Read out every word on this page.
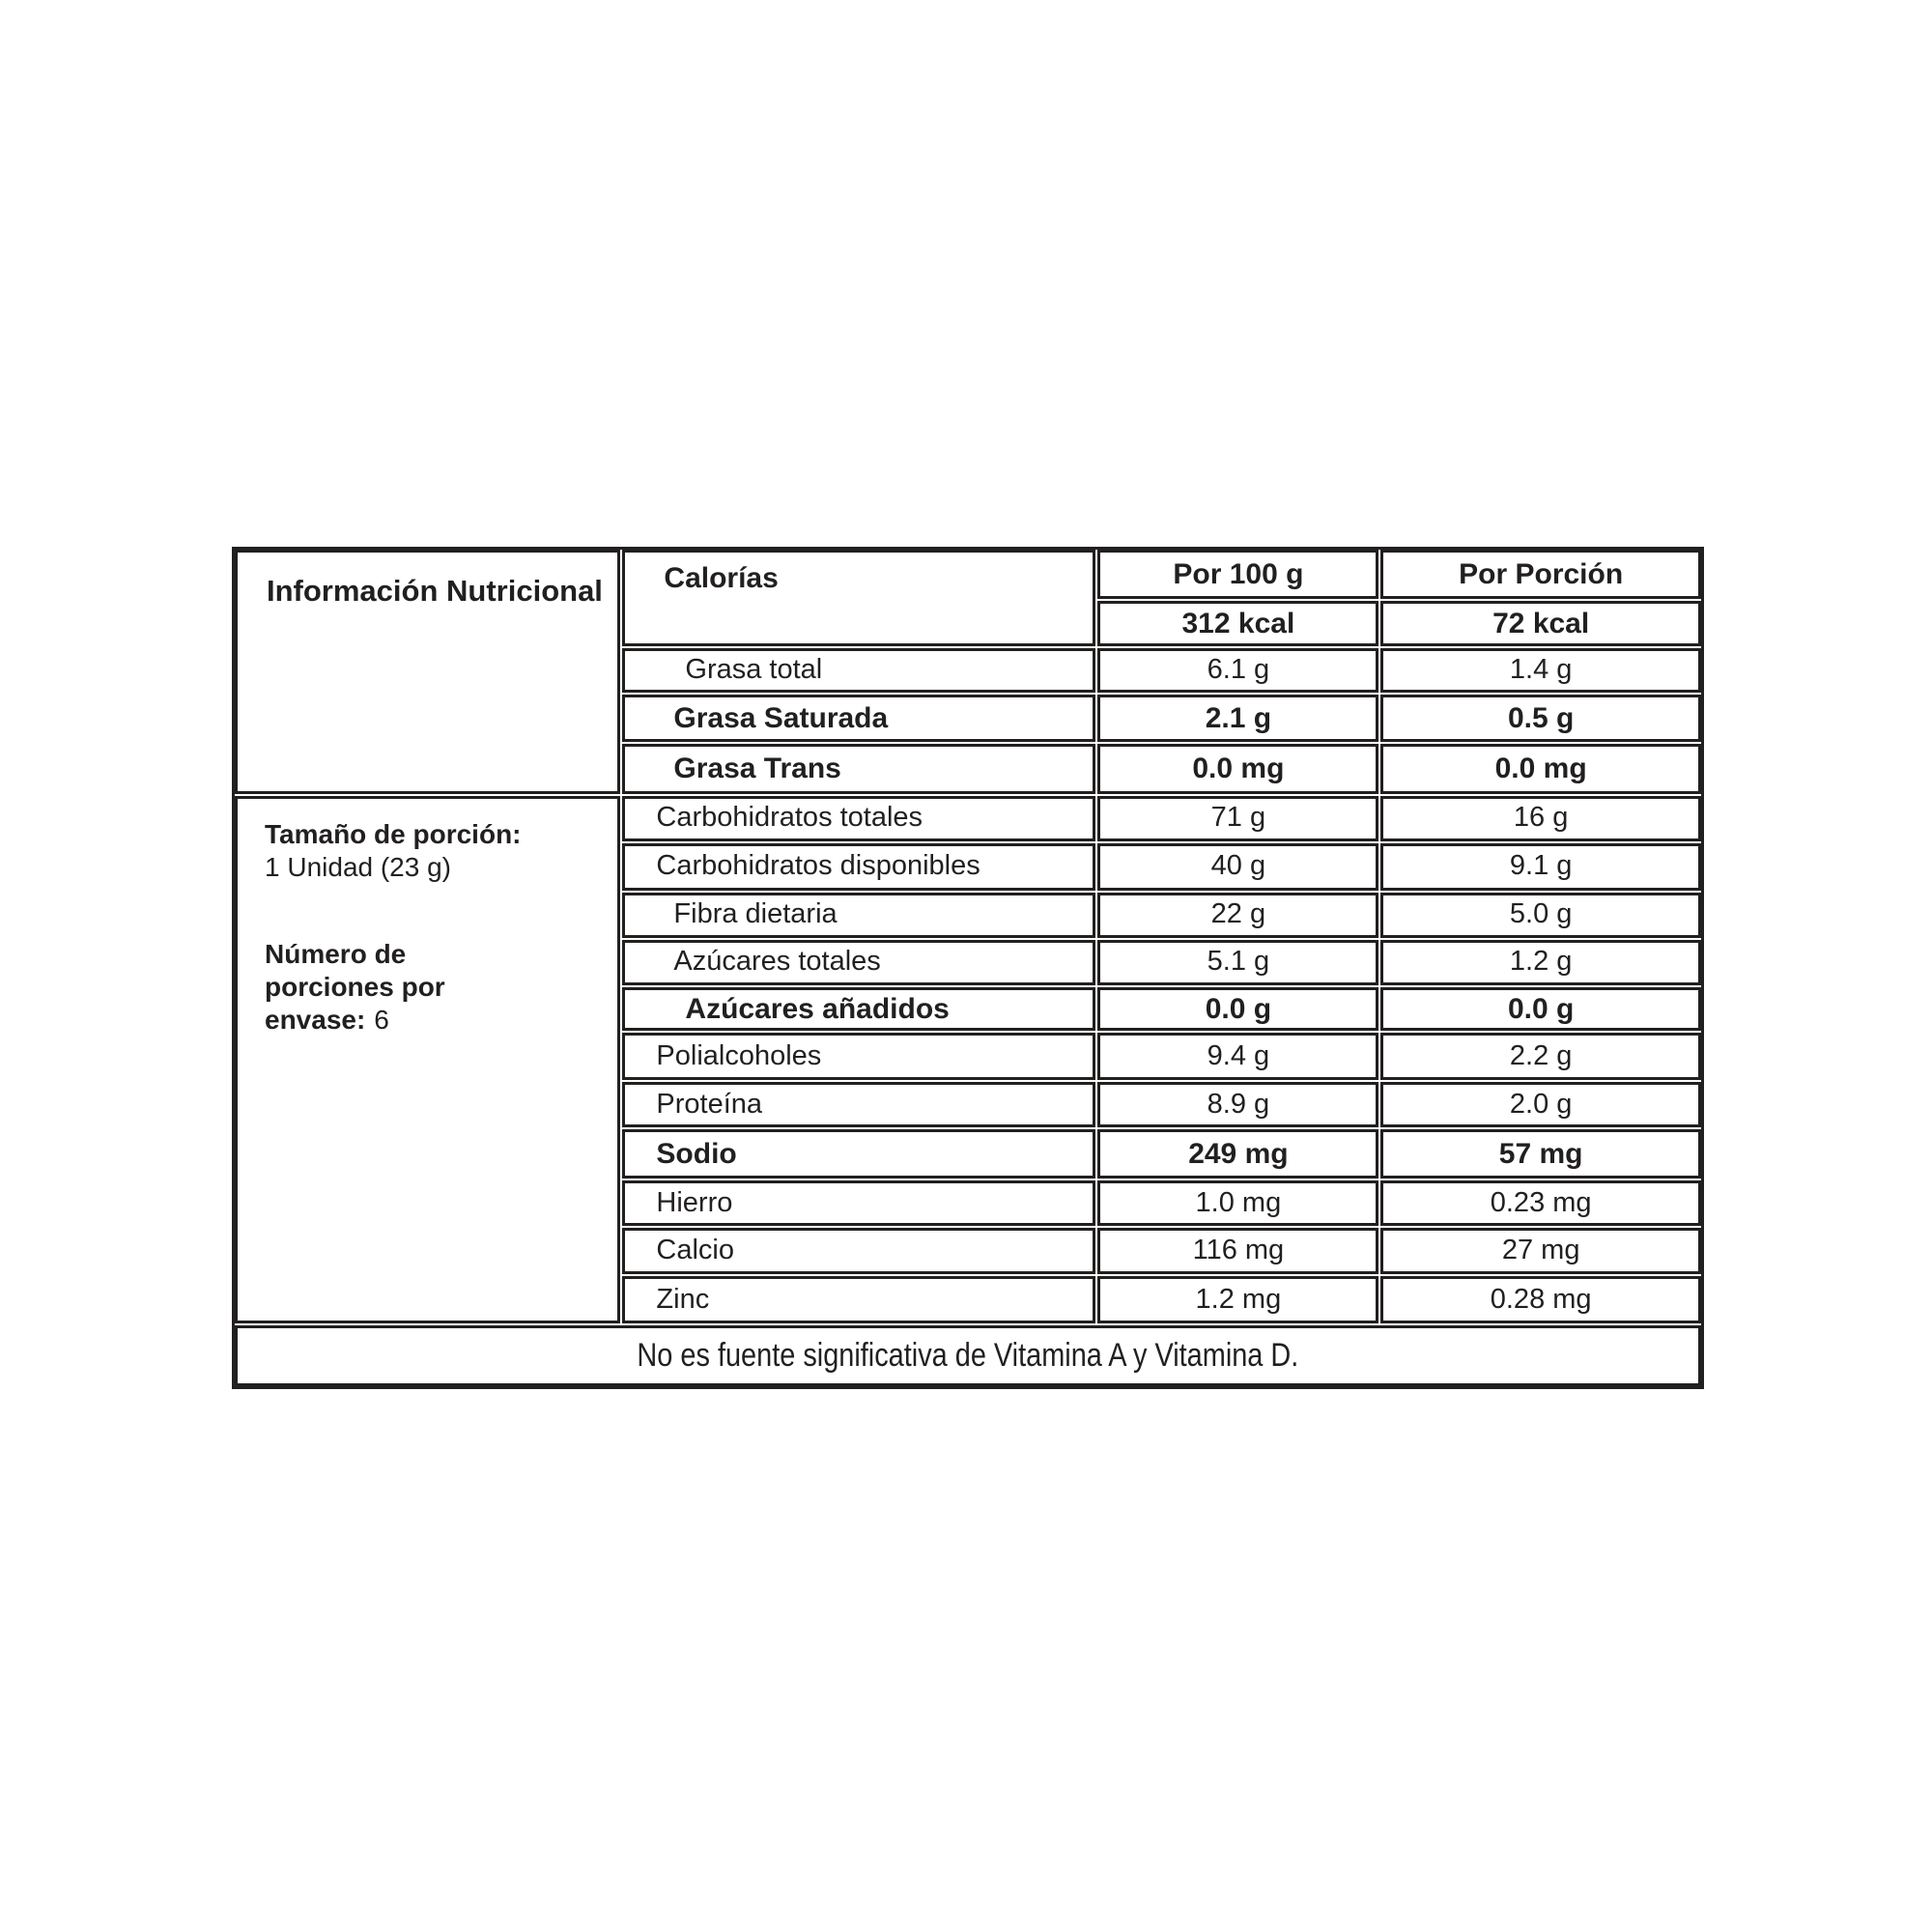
Información Nutricional
Tamaño de porción:
1 Unidad (23 g)
Número de porciones por envase: 6
Calorías	Por 100 g	Por Porción
312 kcal	72 kcal
Grasa total	6.1 g	1.4 g
Grasa Saturada	2.1 g	0.5 g
Grasa Trans	0.0 mg	0.0 mg
Carbohidratos totales	71 g	16 g
Carbohidratos disponibles	40 g	9.1 g
Fibra dietaria	22 g	5.0 g
Azúcares totales	5.1 g	1.2 g
Azúcares añadidos	0.0 g	0.0 g
Polialcoholes	9.4 g	2.2 g
Proteína	8.9 g	2.0 g
Sodio	249 mg	57 mg
Hierro	1.0 mg	0.23 mg
Calcio	116 mg	27 mg
Zinc	1.2 mg	0.28 mg
No es fuente significativa de Vitamina A y Vitamina D.
